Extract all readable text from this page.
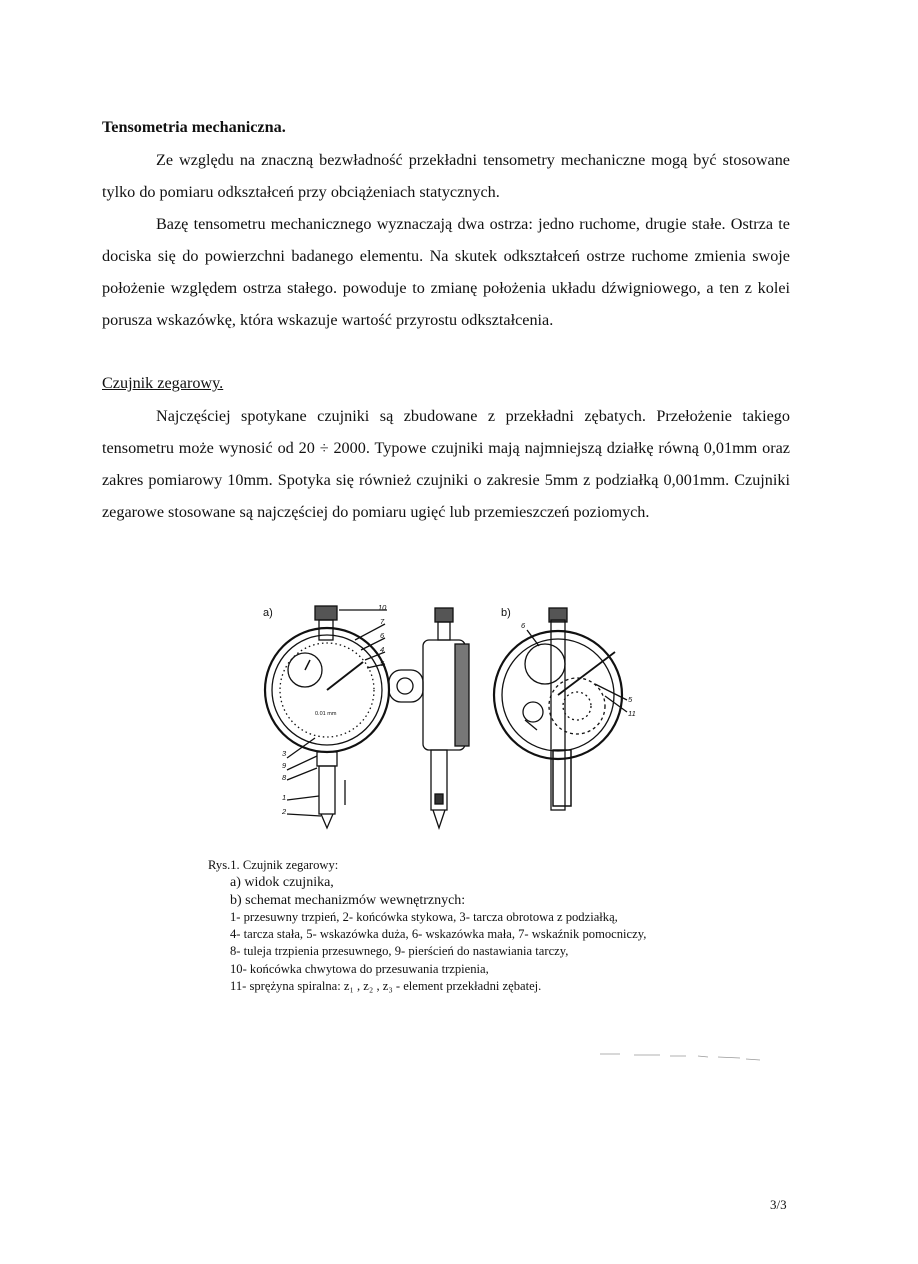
Tensometria mechaniczna.

Ze względu na znaczną bezwładność przekładni tensometry mechaniczne mogą być stosowane tylko do pomiaru odkształceń przy obciążeniach statycznych.

Bazę tensometru mechanicznego wyznaczają dwa ostrza: jedno ruchome, drugie stałe. Ostrza te dociska się do powierzchni badanego elementu. Na skutek odkształceń ostrze ruchome zmienia swoje położenie względem ostrza stałego. powoduje to zmianę położenia układu dźwigniowego, a ten z kolei porusza wskazówkę, która wskazuje wartość przyrostu odkształcenia.

Czujnik zegarowy.

Najczęściej spotykane czujniki są zbudowane z przekładni zębatych. Przełożenie takiego tensometru może wynosić od 20 ÷ 2000. Typowe czujniki mają najmniejszą działkę równą 0,01mm oraz zakres pomiarowy 10mm. Spotyka się również czujniki o zakresie 5mm z podziałką 0,001mm. Czujniki zegarowe stosowane są najczęściej do pomiaru ugięć lub przemieszczeń poziomych.

a)
0.01 mm
b)
10
7
6
4
5
3
9
8
1
2
6
5
11

Rys.1. Czujnik zegarowy:

a) widok czujnika,

b) schemat mechanizmów wewnętrznych:

1- przesuwny trzpień, 2- końcówka stykowa, 3- tarcza obrotowa z podziałką,

4- tarcza stała, 5- wskazówka duża, 6- wskazówka mała, 7- wskaźnik pomocniczy,

8- tuleja trzpienia przesuwnego, 9- pierścień do nastawiania tarczy,

10- końcówka chwytowa do przesuwania trzpienia,

11- sprężyna spiralna: z₁ , z₂ , z₃ - element przekładni zębatej.

3/3
